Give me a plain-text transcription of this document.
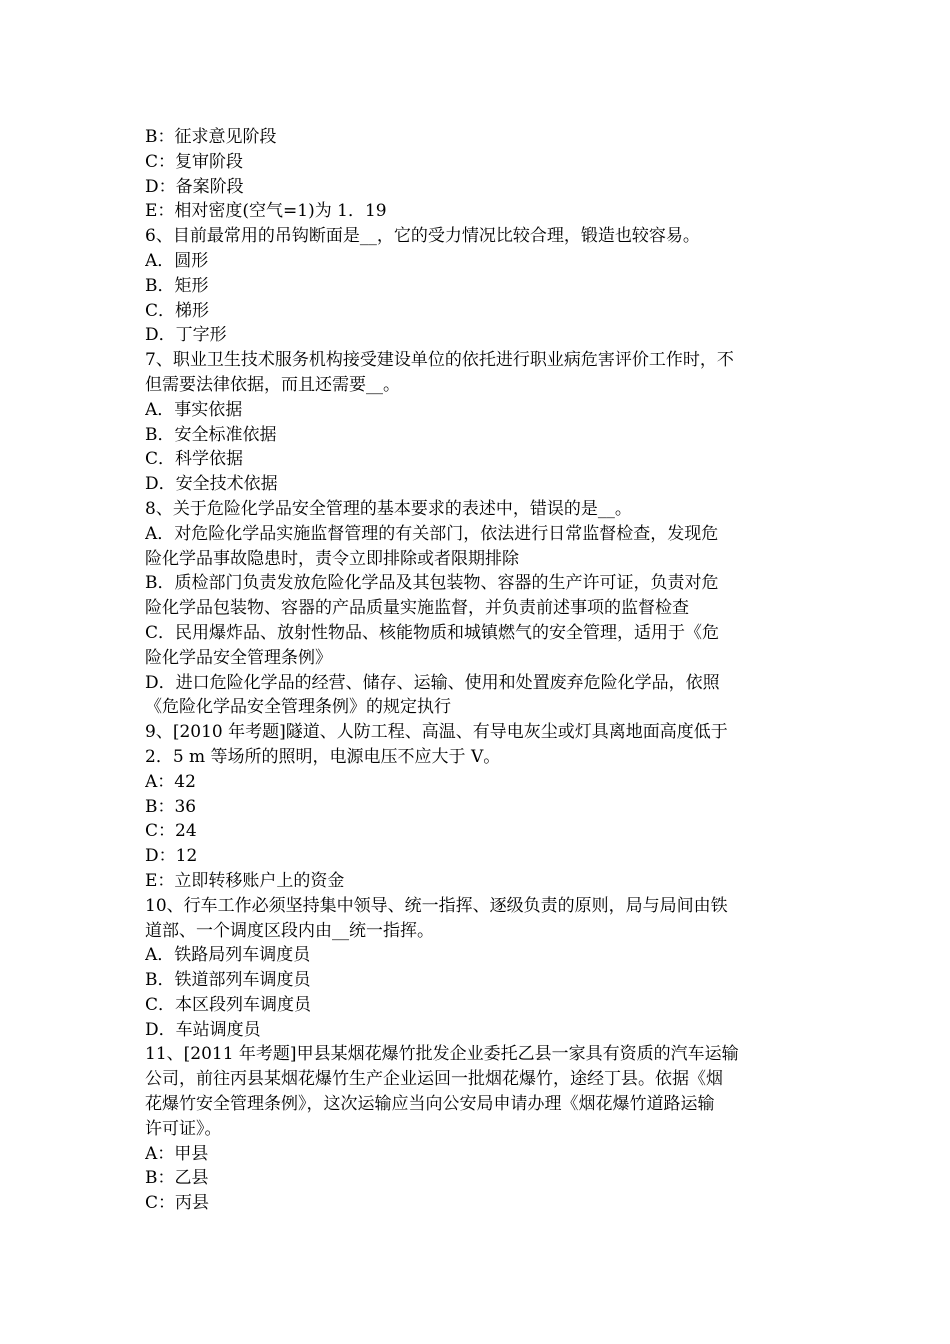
B：征求意见阶段
C：复审阶段
D：备案阶段
E：相对密度(空气=1)为 1．19
6、目前最常用的吊钩断面是__，它的受力情况比较合理，锻造也较容易。
A．圆形
B．矩形
C．梯形
D．丁字形
7、职业卫生技术服务机构接受建设单位的依托进行职业病危害评价工作时，不
但需要法律依据，而且还需要__。
A．事实依据
B．安全标准依据
C．科学依据
D．安全技术依据
8、关于危险化学品安全管理的基本要求的表述中，错误的是__。
A．对危险化学品实施监督管理的有关部门，依法进行日常监督检查，发现危
险化学品事故隐患时，责令立即排除或者限期排除
B．质检部门负责发放危险化学品及其包装物、容器的生产许可证，负责对危
险化学品包装物、容器的产品质量实施监督，并负责前述事项的监督检查
C．民用爆炸品、放射性物品、核能物质和城镇燃气的安全管理，适用于《危
险化学品安全管理条例》
D．进口危险化学品的经营、储存、运输、使用和处置废弃危险化学品，依照
《危险化学品安全管理条例》的规定执行
9、[2010 年考题]隧道、人防工程、高温、有导电灰尘或灯具离地面高度低于
2．5 m 等场所的照明，电源电压不应大于 V。
A：42
B：36
C：24
D：12
E：立即转移账户上的资金
10、行车工作必须坚持集中领导、统一指挥、逐级负责的原则，局与局间由铁
道部、一个调度区段内由__统一指挥。
A．铁路局列车调度员
B．铁道部列车调度员
C．本区段列车调度员
D．车站调度员
11、[2011 年考题]甲县某烟花爆竹批发企业委托乙县一家具有资质的汽车运输
公司，前往丙县某烟花爆竹生产企业运回一批烟花爆竹，途经丁县。依据《烟
花爆竹安全管理条例》，这次运输应当向公安局申请办理《烟花爆竹道路运输
许可证》。
A：甲县
B：乙县
C：丙县
